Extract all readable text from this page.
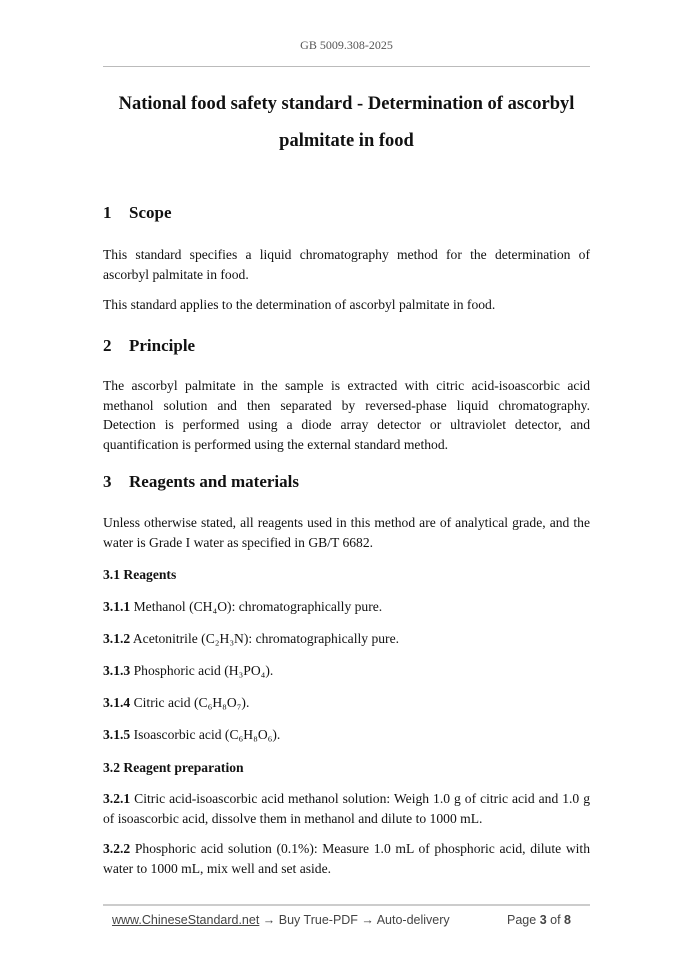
GB 5009.308-2025
National food safety standard - Determination of ascorbyl
palmitate in food
1 Scope
This standard specifies a liquid chromatography method for the determination of ascorbyl palmitate in food.
This standard applies to the determination of ascorbyl palmitate in food.
2 Principle
The ascorbyl palmitate in the sample is extracted with citric acid-isoascorbic acid methanol solution and then separated by reversed-phase liquid chromatography. Detection is performed using a diode array detector or ultraviolet detector, and quantification is performed using the external standard method.
3 Reagents and materials
Unless otherwise stated, all reagents used in this method are of analytical grade, and the water is Grade I water as specified in GB/T 6682.
3.1 Reagents
3.1.1 Methanol (CH₄O): chromatographically pure.
3.1.2 Acetonitrile (C₂H₃N): chromatographically pure.
3.1.3 Phosphoric acid (H₃PO₄).
3.1.4 Citric acid (C₆H₈O₇).
3.1.5 Isoascorbic acid (C₆H₈O₆).
3.2 Reagent preparation
3.2.1 Citric acid-isoascorbic acid methanol solution: Weigh 1.0 g of citric acid and 1.0 g of isoascorbic acid, dissolve them in methanol and dilute to 1000 mL.
3.2.2 Phosphoric acid solution (0.1%): Measure 1.0 mL of phosphoric acid, dilute with water to 1000 mL, mix well and set aside.
www.ChineseStandard.net → Buy True-PDF → Auto-delivery	Page 3 of 8
